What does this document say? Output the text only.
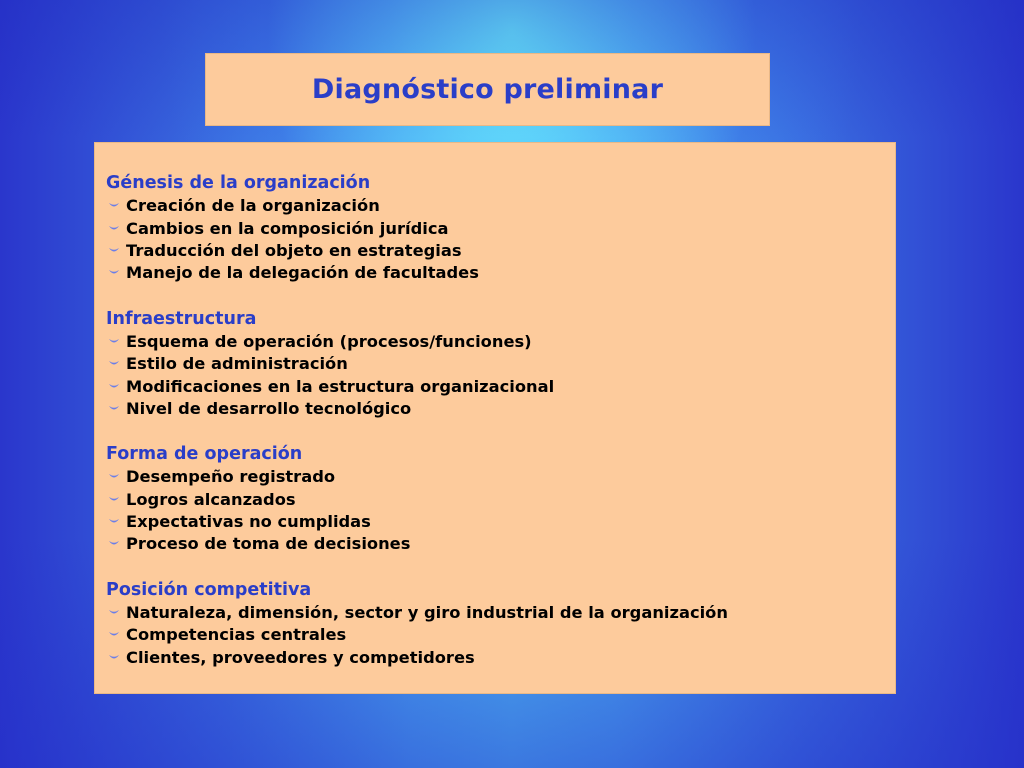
Diagnóstico preliminar
Génesis de la organización
Creación de la organización
Cambios en la composición jurídica
Traducción del objeto en estrategias
Manejo de la delegación de facultades
Infraestructura
Esquema de operación (procesos/funciones)
Estilo de administración
Modificaciones en la estructura organizacional
Nivel de desarrollo tecnológico
Forma de operación
Desempeño registrado
Logros alcanzados
Expectativas no cumplidas
Proceso de toma de decisiones
Posición competitiva
Naturaleza, dimensión, sector y giro industrial de la organización
Competencias centrales
Clientes, proveedores y competidores
